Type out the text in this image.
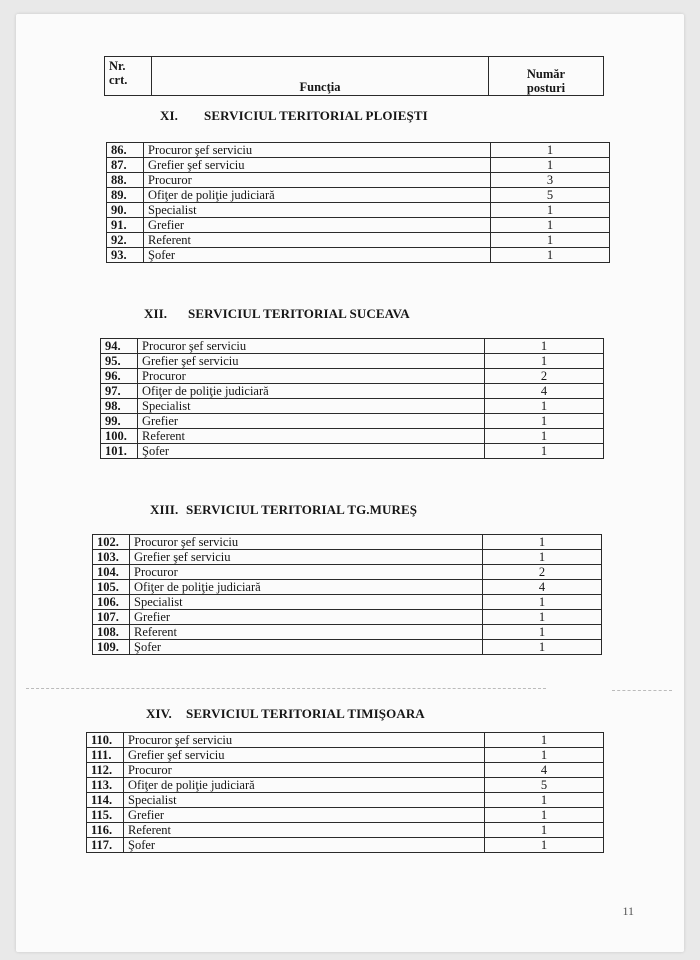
Nr.
crt.	Funcţia	Număr
posturi
XI. SERVICIUL TERITORIAL PLOIEŞTI
86.	Procuror şef serviciu	1
87.	Grefier şef serviciu	1
88.	Procuror	3
89.	Ofiţer de poliţie judiciară	5
90.	Specialist	1
91.	Grefier	1
92.	Referent	1
93.	Şofer	1
XII. SERVICIUL TERITORIAL SUCEAVA
94.	Procuror şef serviciu	1
95.	Grefier şef serviciu	1
96.	Procuror	2
97.	Ofiţer de poliţie judiciară	4
98.	Specialist	1
99.	Grefier	1
100.	Referent	1
101.	Şofer	1
XIII. SERVICIUL TERITORIAL TG.MUREŞ
102.	Procuror şef serviciu	1
103.	Grefier şef serviciu	1
104.	Procuror	2
105.	Ofiţer de poliţie judiciară	4
106.	Specialist	1
107.	Grefier	1
108.	Referent	1
109.	Şofer	1
XIV. SERVICIUL TERITORIAL TIMIŞOARA
110.	Procuror şef serviciu	1
111.	Grefier şef serviciu	1
112.	Procuror	4
113.	Ofiţer de poliţie judiciară	5
114.	Specialist	1
115.	Grefier	1
116.	Referent	1
117.	Şofer	1
11
